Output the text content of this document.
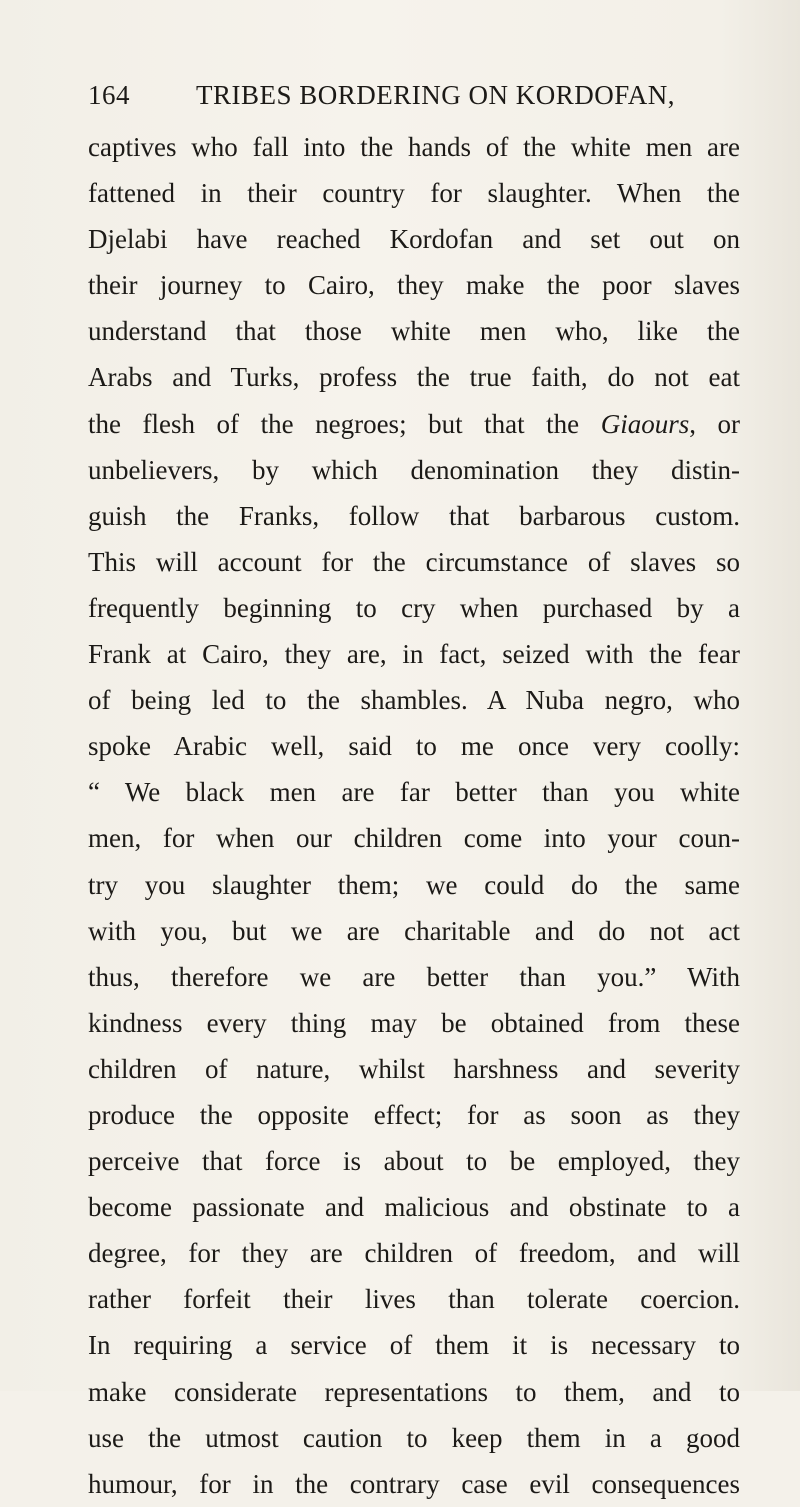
164 TRIBES BORDERING ON KORDOFAN,
captives who fall into the hands of the white men are
fattened in their country for slaughter. When the
Djelabi have reached Kordofan and set out on
their journey to Cairo, they make the poor slaves
understand that those white men who, like the
Arabs and Turks, profess the true faith, do not eat
the flesh of the negroes; but that the Giaours, or
unbelievers, by which denomination they distin-
guish the Franks, follow that barbarous custom.
This will account for the circumstance of slaves so
frequently beginning to cry when purchased by a
Frank at Cairo, they are, in fact, seized with the fear
of being led to the shambles. A Nuba negro, who
spoke Arabic well, said to me once very coolly:
“ We black men are far better than you white
men, for when our children come into your coun-
try you slaughter them; we could do the same
with you, but we are charitable and do not act
thus, therefore we are better than you.” With
kindness every thing may be obtained from these
children of nature, whilst harshness and severity
produce the opposite effect; for as soon as they
perceive that force is about to be employed, they
become passionate and malicious and obstinate to a
degree, for they are children of freedom, and will
rather forfeit their lives than tolerate coercion.
In requiring a service of them it is necessary to
make considerate representations to them, and to
use the utmost caution to keep them in a good
humour, for in the contrary case evil consequences
